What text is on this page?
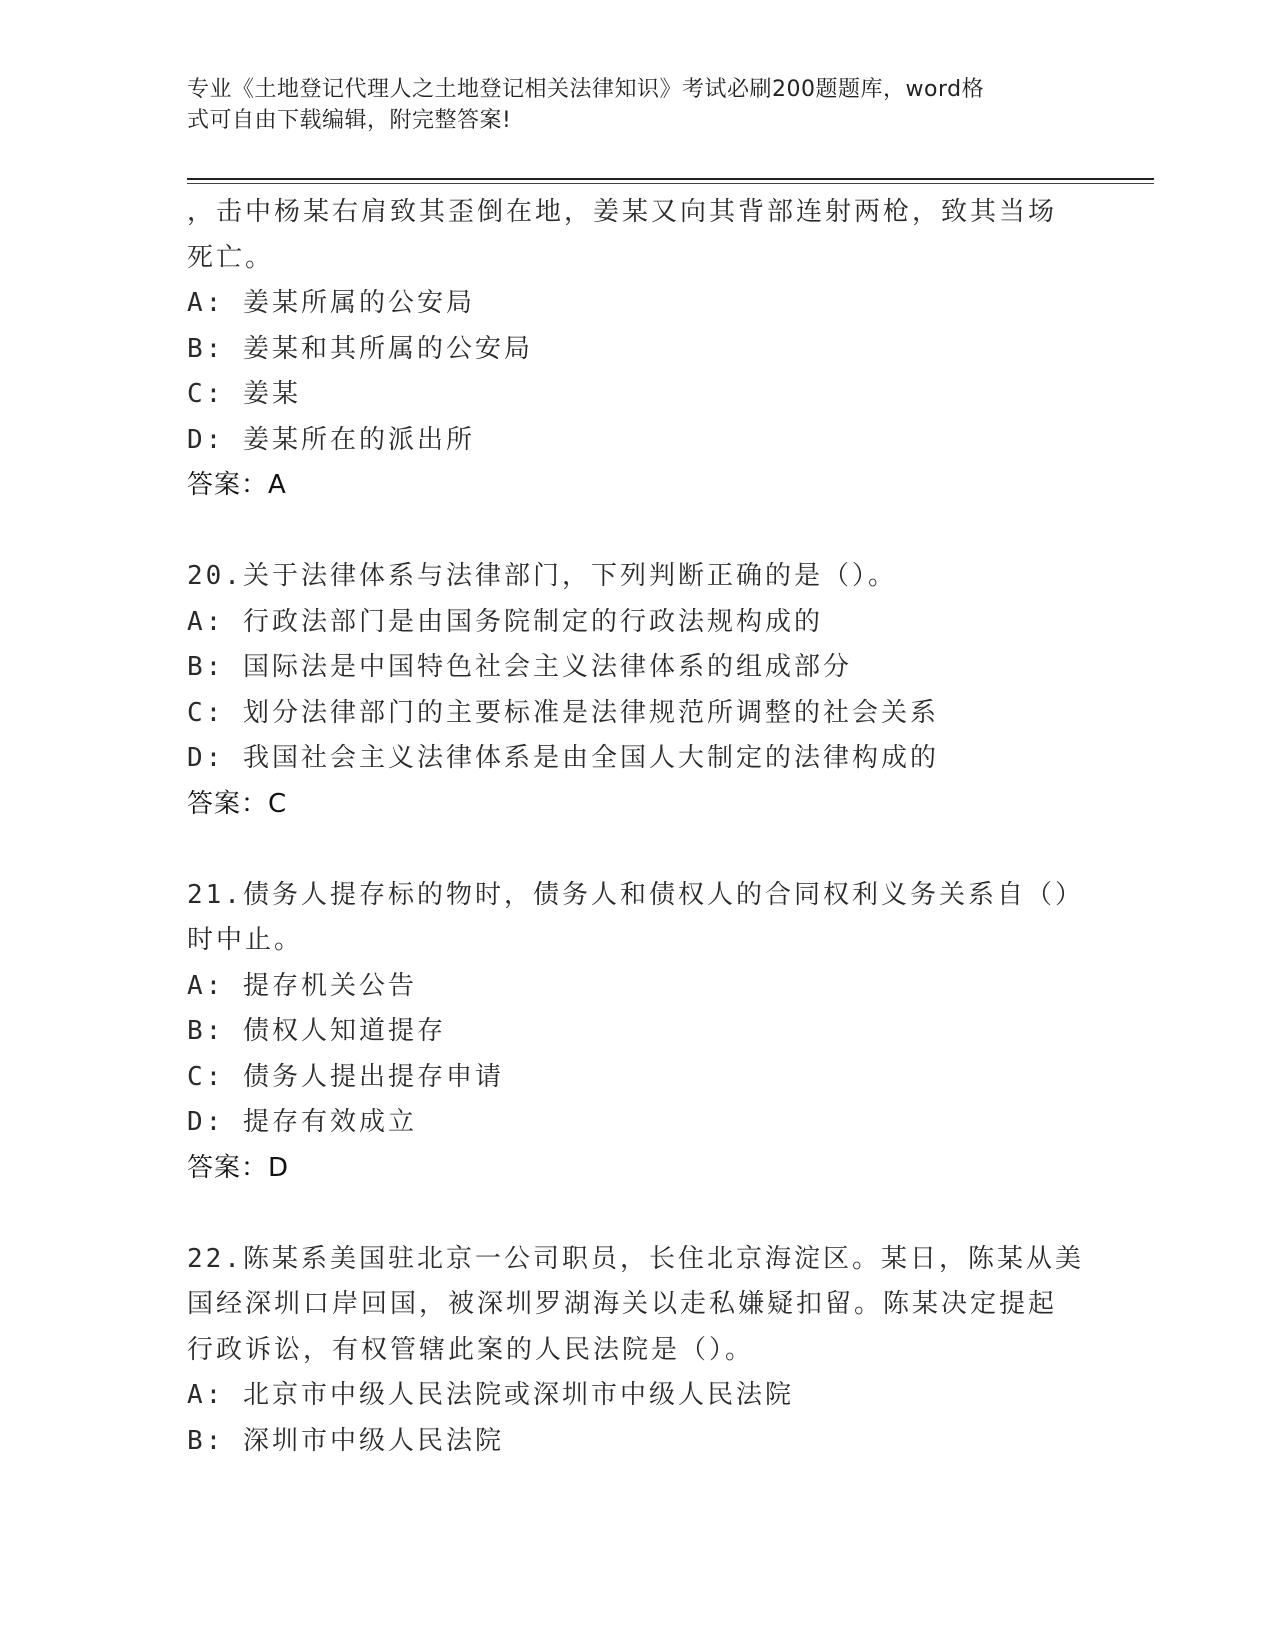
专业《土地登记代理人之土地登记相关法律知识》考试必刷200题题库，word格
式可自由下载编辑，附完整答案!
，击中杨某右肩致其歪倒在地，姜某又向其背部连射两枪，致其当场
死亡。
A: 姜某所属的公安局
B: 姜某和其所属的公安局
C: 姜某
D: 姜某所在的派出所
答案：A
20.关于法律体系与法律部门，下列判断正确的是（）。
A: 行政法部门是由国务院制定的行政法规构成的
B: 国际法是中国特色社会主义法律体系的组成部分
C: 划分法律部门的主要标准是法律规范所调整的社会关系
D: 我国社会主义法律体系是由全国人大制定的法律构成的
答案：C
21.债务人提存标的物时，债务人和债权人的合同权利义务关系自（）
时中止。
A: 提存机关公告
B: 债权人知道提存
C: 债务人提出提存申请
D: 提存有效成立
答案：D
22.陈某系美国驻北京一公司职员，长住北京海淀区。某日，陈某从美
国经深圳口岸回国，被深圳罗湖海关以走私嫌疑扣留。陈某决定提起
行政诉讼，有权管辖此案的人民法院是（）。
A: 北京市中级人民法院或深圳市中级人民法院
B: 深圳市中级人民法院
